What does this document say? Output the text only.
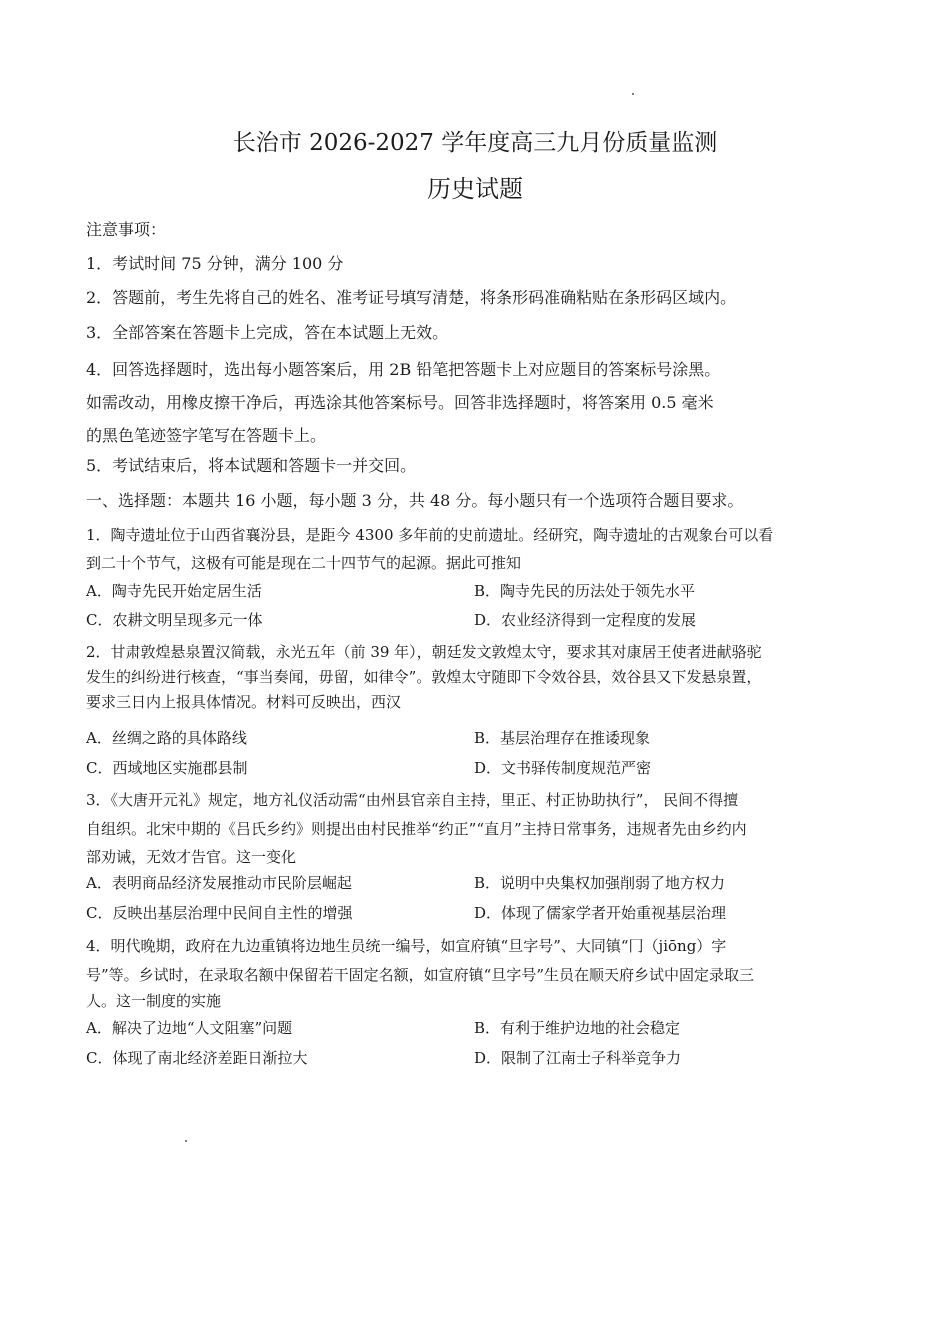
长治市 2026-2027 学年度高三九月份质量监测
历史试题
注意事项：
1．考试时间 75 分钟，满分 100 分
2．答题前，考生先将自己的姓名、准考证号填写清楚，将条形码准确粘贴在条形码区域内。
3．全部答案在答题卡上完成，答在本试题上无效。
4．回答选择题时，选出每小题答案后，用 2B 铅笔把答题卡上对应题目的答案标号涂黑。
如需改动，用橡皮擦干净后，再选涂其他答案标号。回答非选择题时，将答案用 0.5 毫米
的黑色笔迹签字笔写在答题卡上。
5．考试结束后，将本试题和答题卡一并交回。
一、选择题：本题共 16 小题，每小题 3 分，共 48 分。每小题只有一个选项符合题目要求。
1．陶寺遗址位于山西省襄汾县，是距今 4300 多年前的史前遗址。经研究，陶寺遗址的古观象台可以看
到二十个节气，这极有可能是现在二十四节气的起源。据此可推知
A．陶寺先民开始定居生活	B．陶寺先民的历法处于领先水平
C．农耕文明呈现多元一体	D．农业经济得到一定程度的发展
2．甘肃敦煌悬泉置汉简载，永光五年（前 39 年），朝廷发文敦煌太守，要求其对康居王使者进献骆驼
发生的纠纷进行核查，“事当奏闻，毋留，如律令”。敦煌太守随即下令效谷县，效谷县又下发悬泉置，
要求三日内上报具体情况。材料可反映出，西汉
A．丝绸之路的具体路线	B．基层治理存在推诿现象
C．西域地区实施郡县制	D．文书驿传制度规范严密
3．《大唐开元礼》规定，地方礼仪活动需“由州县官亲自主持，里正、村正协助执行”， 民间不得擅
自组织。北宋中期的《吕氏乡约》则提出由村民推举“约正”“直月”主持日常事务，违规者先由乡约内
部劝诫，无效才告官。这一变化
A．表明商品经济发展推动市民阶层崛起	B．说明中央集权加强削弱了地方权力
C．反映出基层治理中民间自主性的增强	D．体现了儒家学者开始重视基层治理
4．明代晚期，政府在九边重镇将边地生员统一编号，如宣府镇“旦字号”、大同镇“冂（jiōng）字
号”等。乡试时，在录取名额中保留若干固定名额，如宣府镇“旦字号”生员在顺天府乡试中固定录取三
人。这一制度的实施
A．解决了边地“人文阻塞”问题	B．有利于维护边地的社会稳定
C．体现了南北经济差距日渐拉大	D．限制了江南士子科举竞争力
